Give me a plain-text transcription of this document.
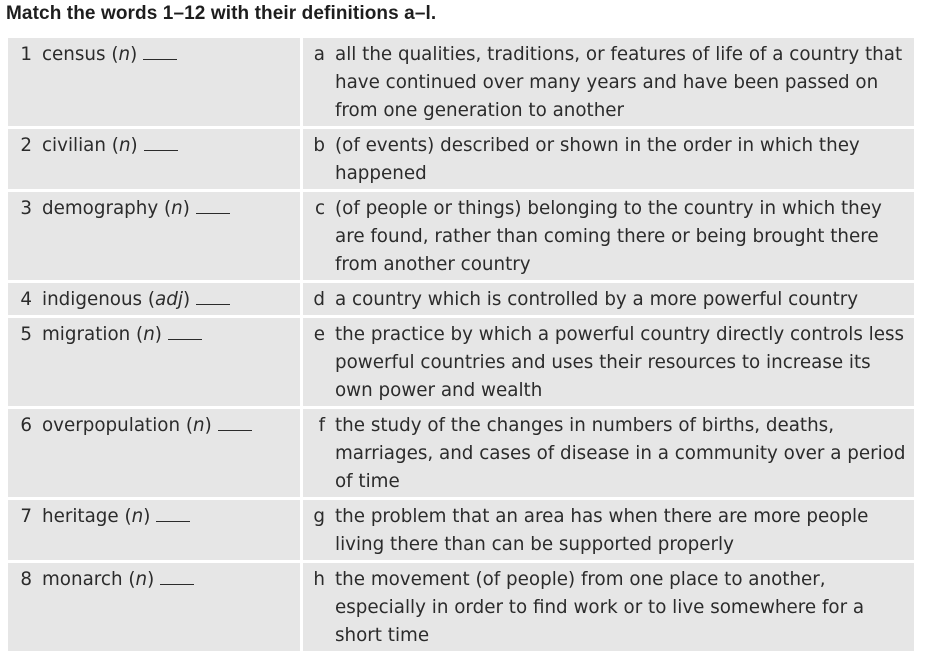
Match the words 1–12 with their definitions a–l.
1 census (n)	a all the qualities, traditions, or features of life of a country that have continued over many years and have been passed on from one generation to another

2 civilian (n)	b (of events) described or shown in the order in which they happened

3 demography (n)	c (of people or things) belonging to the country in which they are found, rather than coming there or being brought there from another country

4 indigenous (adj)	d a country which is controlled by a more powerful country

5 migration (n)	e the practice by which a powerful country directly controls less powerful countries and uses their resources to increase its own power and wealth

6 overpopulation (n)	f the study of the changes in numbers of births, deaths, marriages, and cases of disease in a community over a period of time

7 heritage (n)	g the problem that an area has when there are more people living there than can be supported properly

8 monarch (n)	h the movement (of people) from one place to another, especially in order to find work or to live somewhere for a short time
